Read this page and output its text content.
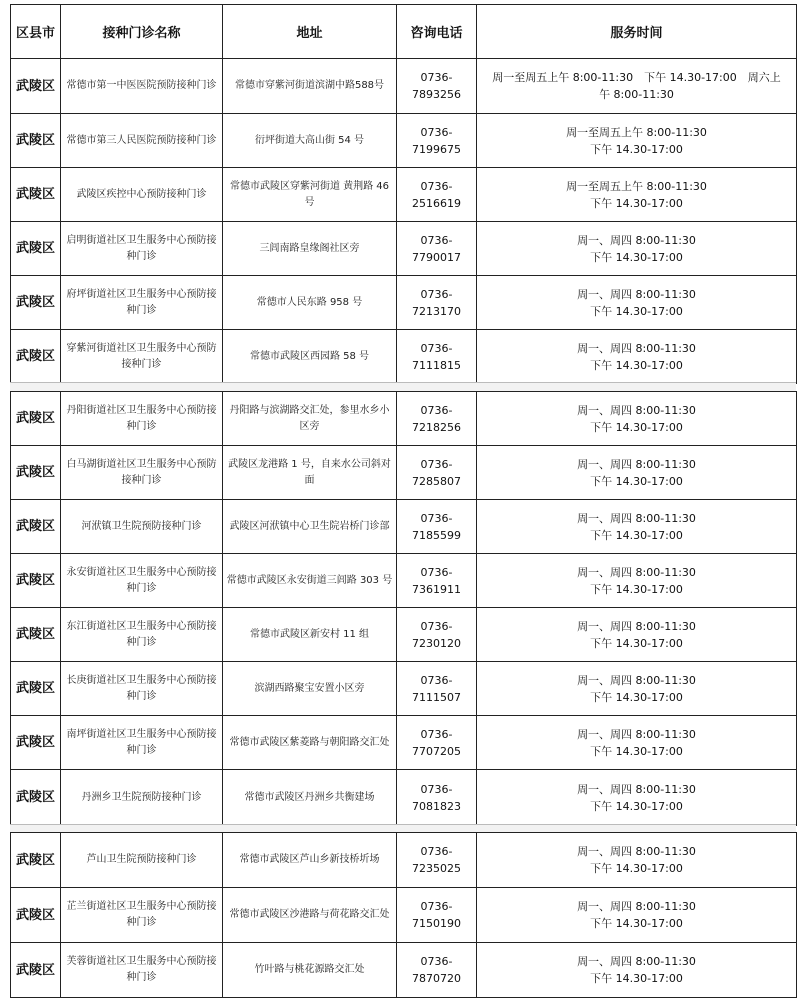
区县市	接种门诊名称	地址	咨询电话	服务时间
武陵区	常德市第一中医医院预防接种门诊	常德市穿紫河街道滨湖中路588号	0736-7893256	周一至周五上午 8:00-11:30　下午 14.30-17:00　周六上
午 8:00-11:30

武陵区	常德市第三人民医院预防接种门诊	衍坪街道大高山街 54 号	0736-7199675	周一至周五上午 8:00-11:30
下午 14.30-17:00

武陵区	武陵区疾控中心预防接种门诊	常德市武陵区穿紫河街道 黄荆路 46 号	0736-2516619	周一至周五上午 8:00-11:30
下午 14.30-17:00

武陵区	启明街道社区卫生服务中心预防接种门诊	三闾南路皇缘阁社区旁	0736-7790017	周一、周四 8:00-11:30
下午 14.30-17:00

武陵区	府坪街道社区卫生服务中心预防接种门诊	常德市人民东路 958 号	0736-7213170	周一、周四 8:00-11:30
下午 14.30-17:00

武陵区	穿紫河街道社区卫生服务中心预防接种门诊	常德市武陵区西园路 58 号	0736-7111815	周一、周四 8:00-11:30
下午 14.30-17:00
武陵区	丹阳街道社区卫生服务中心预防接种门诊	丹阳路与滨湖路交汇处，参里水乡小区旁	0736-7218256	周一、周四 8:00-11:30
下午 14.30-17:00

武陵区	白马湖街道社区卫生服务中心预防接种门诊	武陵区龙港路 1 号，自来水公司斜对面	0736-7285807	周一、周四 8:00-11:30
下午 14.30-17:00

武陵区	河洑镇卫生院预防接种门诊	武陵区河洑镇中心卫生院岩桥门诊部	0736-7185599	周一、周四 8:00-11:30
下午 14.30-17:00

武陵区	永安街道社区卫生服务中心预防接种门诊	常德市武陵区永安街道三闾路 303 号	0736-7361911	周一、周四 8:00-11:30
下午 14.30-17:00

武陵区	东江街道社区卫生服务中心预防接种门诊	常德市武陵区新安村 11 组	0736-7230120	周一、周四 8:00-11:30
下午 14.30-17:00

武陵区	长庚街道社区卫生服务中心预防接种门诊	滨湖西路聚宝安置小区旁	0736-7111507	周一、周四 8:00-11:30
下午 14.30-17:00

武陵区	南坪街道社区卫生服务中心预防接种门诊	常德市武陵区紫菱路与朝阳路交汇处	0736-7707205	周一、周四 8:00-11:30
下午 14.30-17:00

武陵区	丹洲乡卫生院预防接种门诊	常德市武陵区丹洲乡共衡建场	0736-7081823	周一、周四 8:00-11:30
下午 14.30-17:00
武陵区	芦山卫生院预防接种门诊	常德市武陵区芦山乡新技桥圻场	0736-7235025	周一、周四 8:00-11:30
下午 14.30-17:00

武陵区	芷兰街道社区卫生服务中心预防接种门诊	常德市武陵区沙港路与荷花路交汇处	0736-7150190	周一、周四 8:00-11:30
下午 14.30-17:00

武陵区	芙蓉街道社区卫生服务中心预防接种门诊	竹叶路与桃花源路交汇处	0736-7870720	周一、周四 8:00-11:30
下午 14.30-17:00
